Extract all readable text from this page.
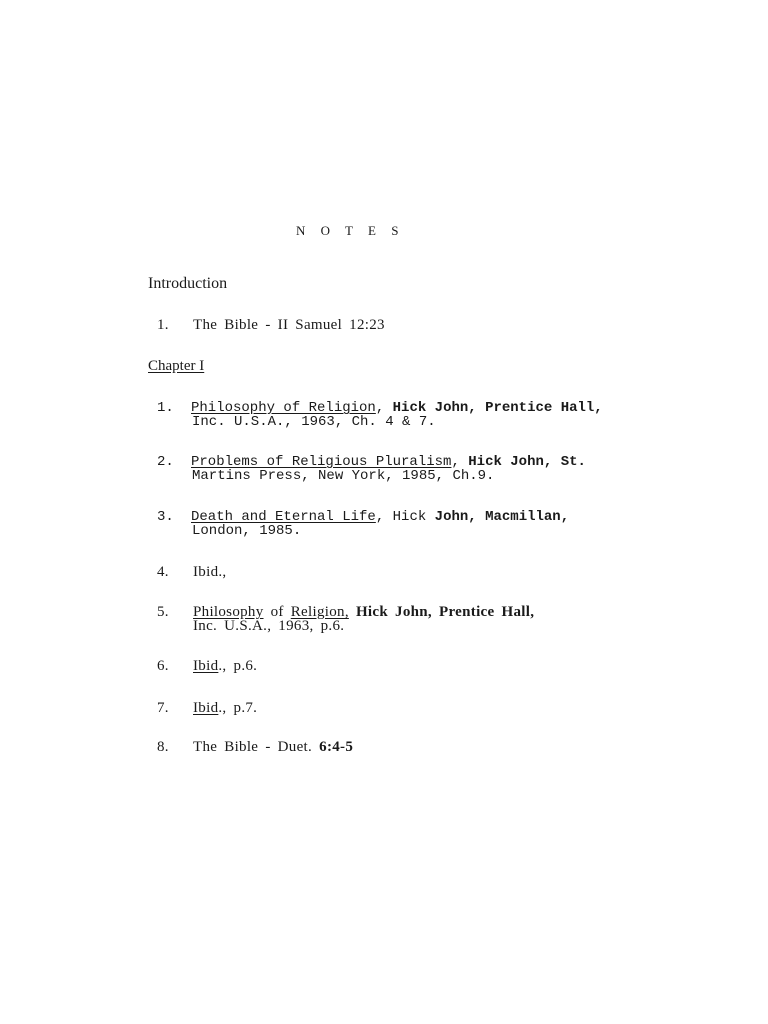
N O T E S
Introduction
1. The Bible - II Samuel 12:23
Chapter I
1. Philosophy of Religion, Hick John, Prentice Hall,
Inc. U.S.A., 1963, Ch. 4 & 7.
2. Problems of Religious Pluralism, Hick John, St.
Martins Press, New York, 1985, Ch.9.
3. Death and Eternal Life, Hick John, Macmillan,
London, 1985.
4. Ibid.,
5. Philosophy of Religion, Hick John, Prentice Hall,
Inc. U.S.A., 1963, p.6.
6. Ibid., p.6.
7. Ibid., p.7.
8. The Bible - Duet. 6:4-5
